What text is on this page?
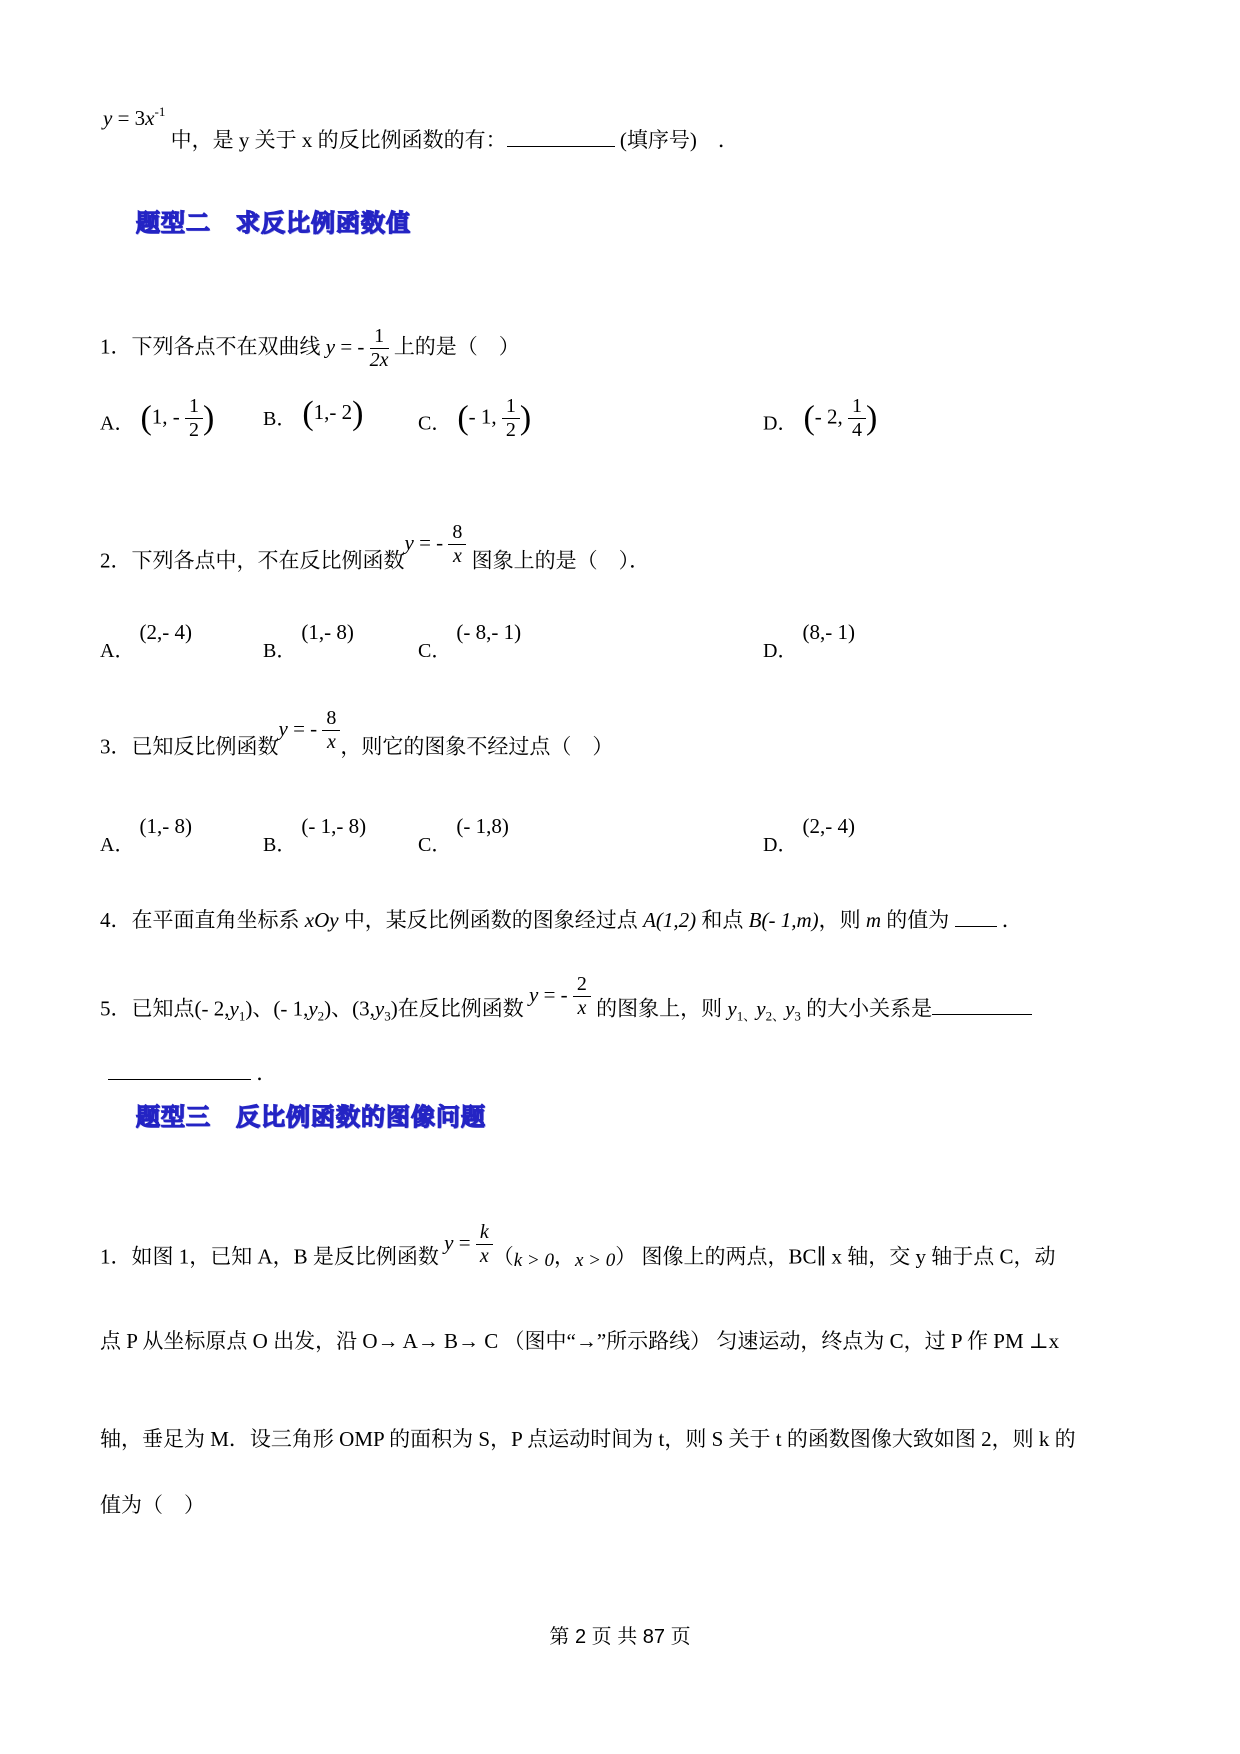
$y = 3x^{-1}$ 中，是 y 关于 x 的反比例函数的有：	(填序号)　．
题型二　求反比例函数值
1．下列各点不在双曲线 y = - $\frac{1}{2x}$ 上的是（　）
A． (1, - $\frac{1}{2}$ ) B． (1,- 2)	C． (- 1, $\frac{1}{2}$ )	D． (- 2, $\frac{1}{4}$ )
2．下列各点中，不在反比例函数y = - $\frac{8}{x}$ 图象上的是（　）．
A．(2,- 4)
B．(1,- 8)
C．(- 8,- 1)
D．(8,- 1)
3．已知反比例函数y = - $\frac{8}{x}$ ，则它的图象不经过点（　）
A．(1,- 8)
B．(- 1,- 8)
C．(- 1,8)
D．(2,- 4)
4．在平面直角坐标系 xOy 中，某反比例函数的图象经过点 A(1,2) 和点 B(- 1,m)，则 m 的值为  ．
5．已知点(- $2,y_1$)、(- $1,y_2$)、$(3,y_3)$在反比例函数 y = - $\frac{2}{x}$ 的图象上，则 $y_{1、}y_{2、}y_3$ 的大小关系是
．
题型三　反比例函数的图像问题
1．如图 1，已知 A，B 是反比例函数 $y = \frac{k}{x} (k > 0$，x > 0） 图像上的两点，BC∥ x 轴，交 y 轴于点 C，动
点 P 从坐标原点 O 出发，沿 O→ A→ B→ C （图中“→”所示路线） 匀速运动，终点为 C，过 P 作 PM ⊥x
轴，垂足为 M．设三角形 OMP 的面积为 S，P 点运动时间为 t，则 S 关于 t 的函数图像大致如图 2，则 k 的
值为（　）
第 2 页 共 87 页
